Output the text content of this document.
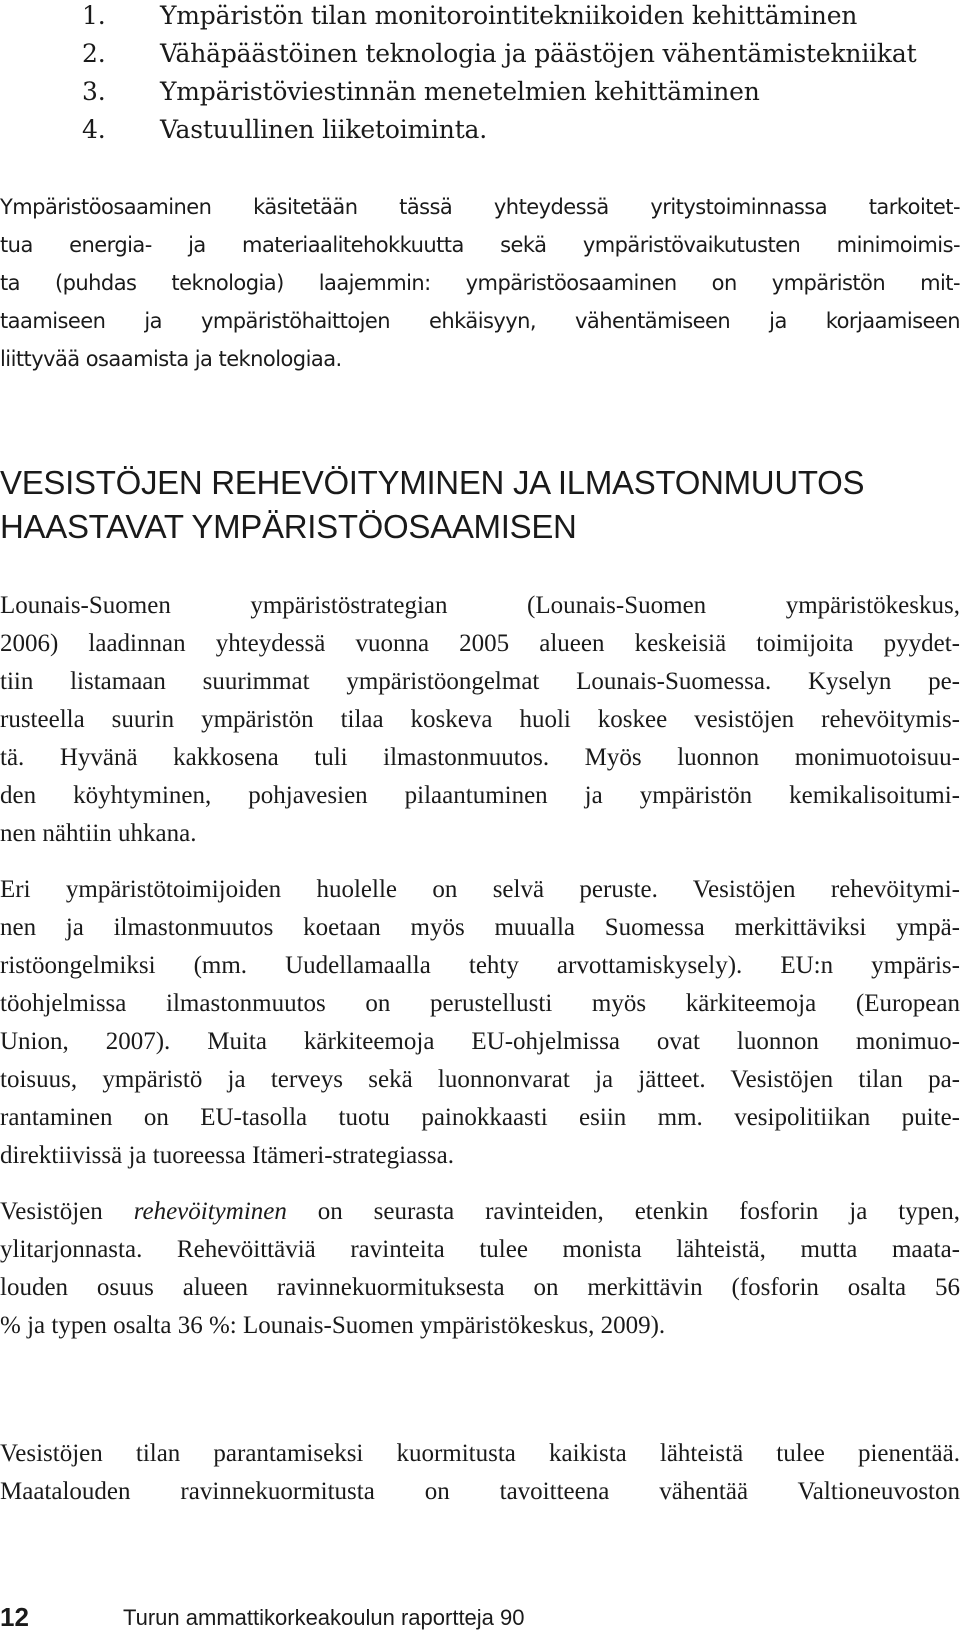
1. Ympäristön tilan monitorointitekniikoiden kehittäminen
2. Vähäpäästöinen teknologia ja päästöjen vähentämistekniikat
3. Ympäristöviestinnän menetelmien kehittäminen
4. Vastuullinen liiketoiminta.
Ympäristöosaaminen käsitetään tässä yhteydessä yritystoiminnassa tarkoitet-
tua energia- ja materiaalitehokkuutta sekä ympäristövaikutusten minimoimis-
ta (puhdas teknologia) laajemmin: ympäristöosaaminen on ympäristön mit-
taamiseen ja ympäristöhaittojen ehkäisyyn, vähentämiseen ja korjaamiseen
liittyvää osaamista ja teknologiaa.
VESISTÖJEN REHEVÖITYMINEN JA ILMASTONMUUTOS
HAASTAVAT YMPÄRISTÖOSAAMISEN
Lounais-Suomen ympäristöstrategian (Lounais-Suomen ympäristökeskus,
2006) laadinnan yhteydessä vuonna 2005 alueen keskeisiä toimijoita pyydet-
tiin listamaan suurimmat ympäristöongelmat Lounais-Suomessa. Kyselyn pe-
rusteella suurin ympäristön tilaa koskeva huoli koskee vesistöjen rehevöitymis-
tä. Hyvänä kakkosena tuli ilmastonmuutos. Myös luonnon monimuotoisuu-
den köyhtyminen, pohjavesien pilaantuminen ja ympäristön kemikalisoitumi-
nen nähtiin uhkana.
Eri ympäristötoimijoiden huolelle on selvä peruste. Vesistöjen rehevöitymi-
nen ja ilmastonmuutos koetaan myös muualla Suomessa merkittäviksi ympä-
ristöongelmiksi (mm. Uudellamaalla tehty arvottamiskysely). EU:n ympäris-
töohjelmissa ilmastonmuutos on perustellusti myös kärkiteemoja (European
Union, 2007). Muita kärkiteemoja EU-ohjelmissa ovat luonnon monimuo-
toisuus, ympäristö ja terveys sekä luonnonvarat ja jätteet. Vesistöjen tilan pa-
rantaminen on EU-tasolla tuotu painokkaasti esiin mm. vesipolitiikan puite-
direktiivissä ja tuoreessa Itämeri-strategiassa.
Vesistöjen rehevöityminen on seurasta ravinteiden, etenkin fosforin ja typen,
ylitarjonnasta. Rehevöittäviä ravinteita tulee monista lähteistä, mutta maata-
louden osuus alueen ravinnekuormituksesta on merkittävin (fosforin osalta 56
% ja typen osalta 36 %: Lounais-Suomen ympäristökeskus, 2009).
Vesistöjen tilan parantamiseksi kuormitusta kaikista lähteistä tulee pienentää.
Maatalouden ravinnekuormitusta on tavoitteena vähentää Valtioneuvoston
12	Turun ammattikorkeakoulun raportteja 90
